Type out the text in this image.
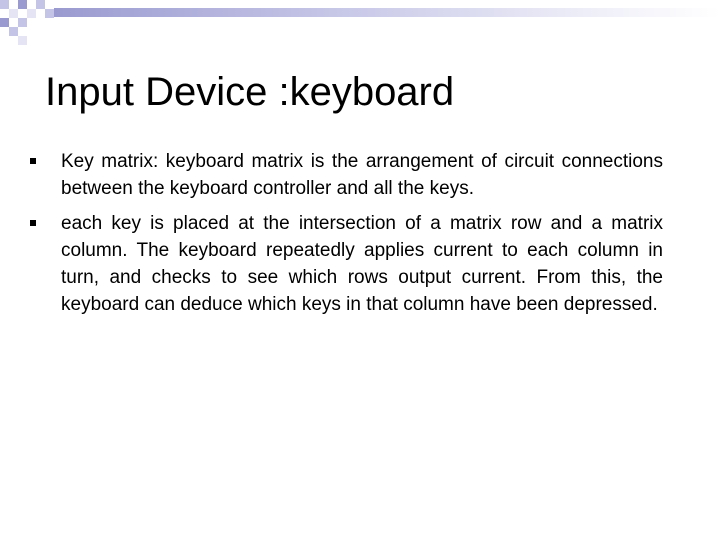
Input Device :keyboard
Key matrix: keyboard matrix is the arrangement of circuit connections between the keyboard controller and all the keys.
each key is placed at the intersection of a matrix row and a matrix column. The keyboard repeatedly applies current to each column in turn, and checks to see which rows output current. From this, the keyboard can deduce which keys in that column have been depressed.
